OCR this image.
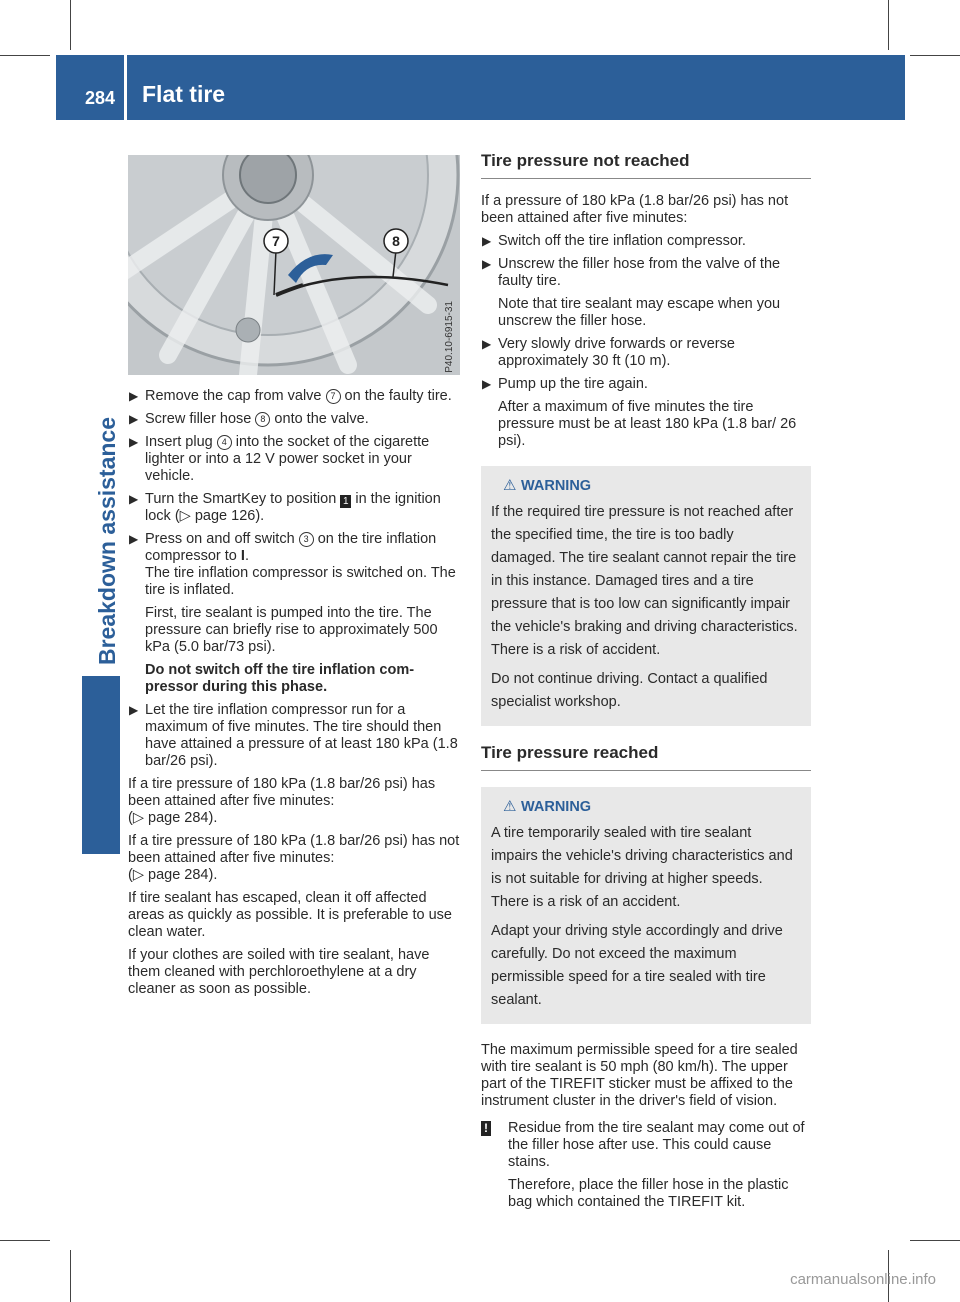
284 Flat tire
Breakdown assistance
7	8
P40.10-6915-31
▶ Remove the cap from valve 7 on the faulty tire.

▶ Screw filler hose 8 onto the valve.

▶ Insert plug 4 into the socket of the cigarette lighter or into a 12 V power socket in your vehicle.

▶ Turn the SmartKey to position 1 in the ignition lock (▷ page 126).

▶ Press on and off switch 3 on the tire inflation compressor to I.
The tire inflation compressor is switched on. The tire is inflated.

First, tire sealant is pumped into the tire. The pressure can briefly rise to approximately 500 kPa (5.0 bar/73 psi).

Do not switch off the tire inflation compressor during this phase.

▶ Let the tire inflation compressor run for a maximum of five minutes. The tire should then have attained a pressure of at least 180 kPa (1.8 bar/26 psi).

If a tire pressure of 180 kPa (1.8 bar/26 psi) has been attained after five minutes:
(▷ page 284).

If a tire pressure of 180 kPa (1.8 bar/26 psi) has not been attained after five minutes:
(▷ page 284).

If tire sealant has escaped, clean it off affected areas as quickly as possible. It is preferable to use clean water.

If your clothes are soiled with tire sealant, have them cleaned with perchloroethylene at a dry cleaner as soon as possible.

Tire pressure not reached

If a pressure of 180 kPa (1.8 bar/26 psi) has not been attained after five minutes:

▶ Switch off the tire inflation compressor.

▶ Unscrew the filler hose from the valve of the faulty tire.

Note that tire sealant may escape when you unscrew the filler hose.

▶ Very slowly drive forwards or reverse approximately 30 ft (10 m).

▶ Pump up the tire again.

After a maximum of five minutes the tire pressure must be at least 180 kPa (1.8 bar/ 26 psi).

⚠ WARNING

If the required tire pressure is not reached after the specified time, the tire is too badly damaged. The tire sealant cannot repair the tire in this instance. Damaged tires and a tire pressure that is too low can significantly impair the vehicle's braking and driving characteristics. There is a risk of accident.

Do not continue driving. Contact a qualified specialist workshop.

Tire pressure reached
⚠ WARNING

A tire temporarily sealed with tire sealant impairs the vehicle's driving characteristics and is not suitable for driving at higher speeds. There is a risk of an accident.

Adapt your driving style accordingly and drive carefully. Do not exceed the maximum permissible speed for a tire sealed with tire sealant.

The maximum permissible speed for a tire sealed with tire sealant is 50 mph (80 km/h). The upper part of the TIREFIT sticker must be affixed to the instrument cluster in the driver's field of vision.

!	Residue from the tire sealant may come out of the filler hose after use. This could cause stains.

Therefore, place the filler hose in the plastic bag which contained the TIREFIT kit.

carmanualsonline.info
